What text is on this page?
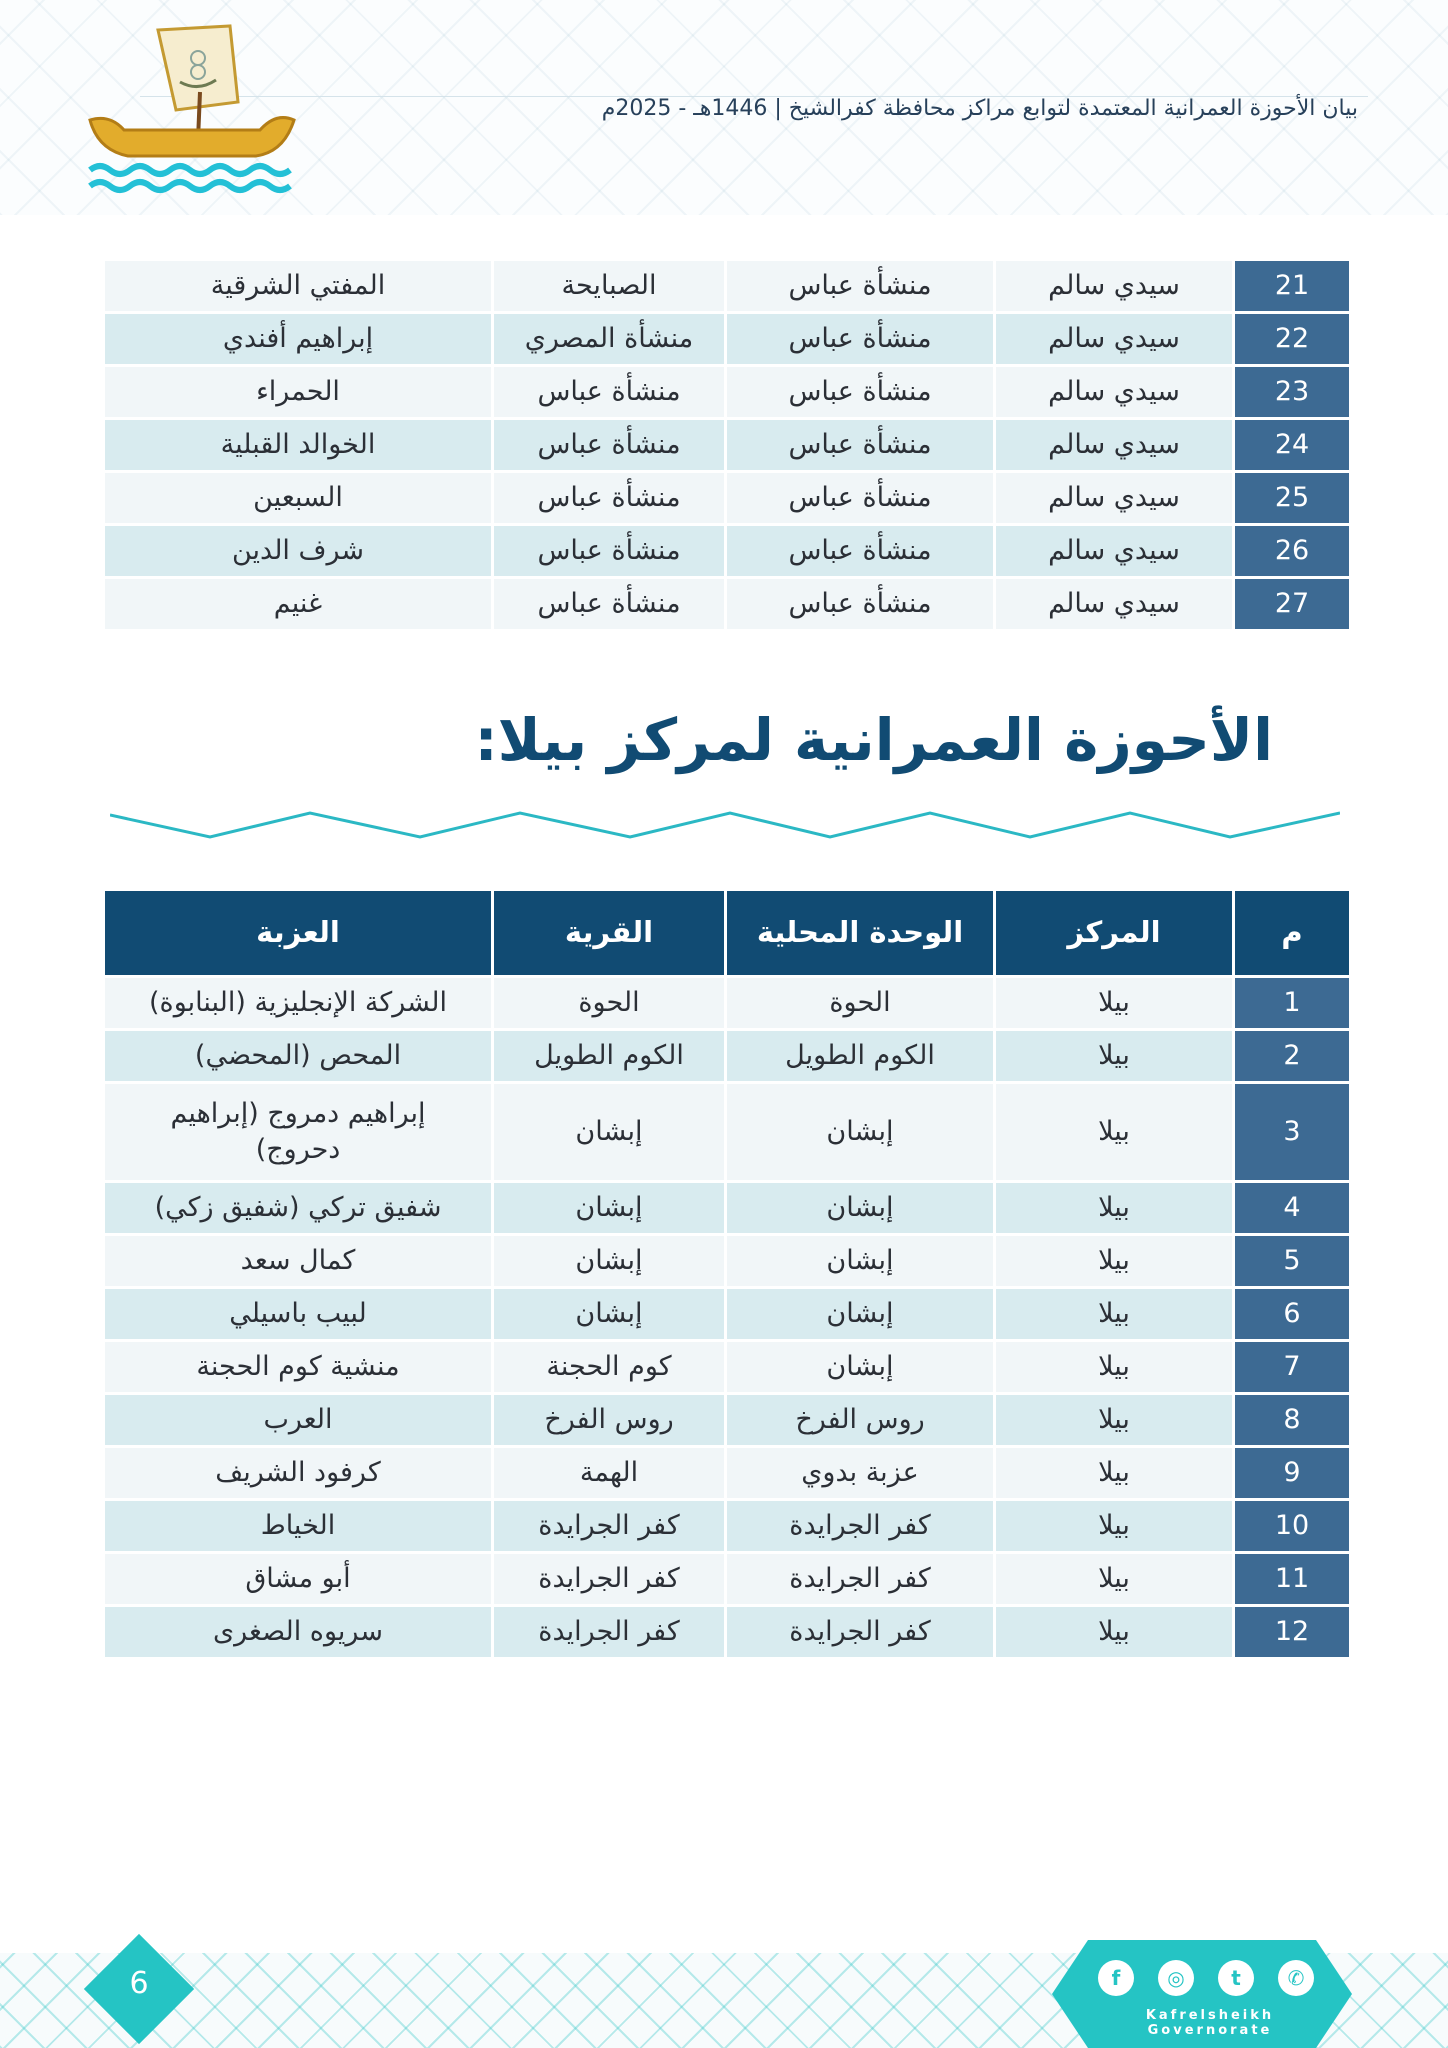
بيان الأحوزة العمرانية المعتمدة لتوابع مراكز محافظة كفرالشيخ | 1446هـ - 2025م
21	سيدي سالم	منشأة عباس	الصبايحة	المفتي الشرقية
22	سيدي سالم	منشأة عباس	منشأة المصري	إبراهيم أفندي
23	سيدي سالم	منشأة عباس	منشأة عباس	الحمراء
24	سيدي سالم	منشأة عباس	منشأة عباس	الخوالد القبلية
25	سيدي سالم	منشأة عباس	منشأة عباس	السبعين
26	سيدي سالم	منشأة عباس	منشأة عباس	شرف الدين
27	سيدي سالم	منشأة عباس	منشأة عباس	غنيم
الأحوزة العمرانية لمركز بيلا:
م	المركز	الوحدة المحلية	القرية	العزبة
1	بيلا	الحوة	الحوة	الشركة الإنجليزية (البنابوة)
2	بيلا	الكوم الطويل	الكوم الطويل	المحص (المحضي)
3	بيلا	إبشان	إبشان	إبراهيم دمروج (إبراهيم دحروج)
4	بيلا	إبشان	إبشان	شفيق تركي (شفيق زكي)
5	بيلا	إبشان	إبشان	كمال سعد
6	بيلا	إبشان	إبشان	لبيب باسيلي
7	بيلا	إبشان	كوم الحجنة	منشية كوم الحجنة
8	بيلا	روس الفرخ	روس الفرخ	العرب
9	بيلا	عزبة بدوي	الهمة	كرفود الشريف
10	بيلا	كفر الجرايدة	كفر الجرايدة	الخياط
11	بيلا	كفر الجرايدة	كفر الجرايدة	أبو مشاق
12	بيلا	كفر الجرايدة	كفر الجرايدة	سريوه الصغرى
6	f	◎	t	✆
Kafrelsheikh Governorate
